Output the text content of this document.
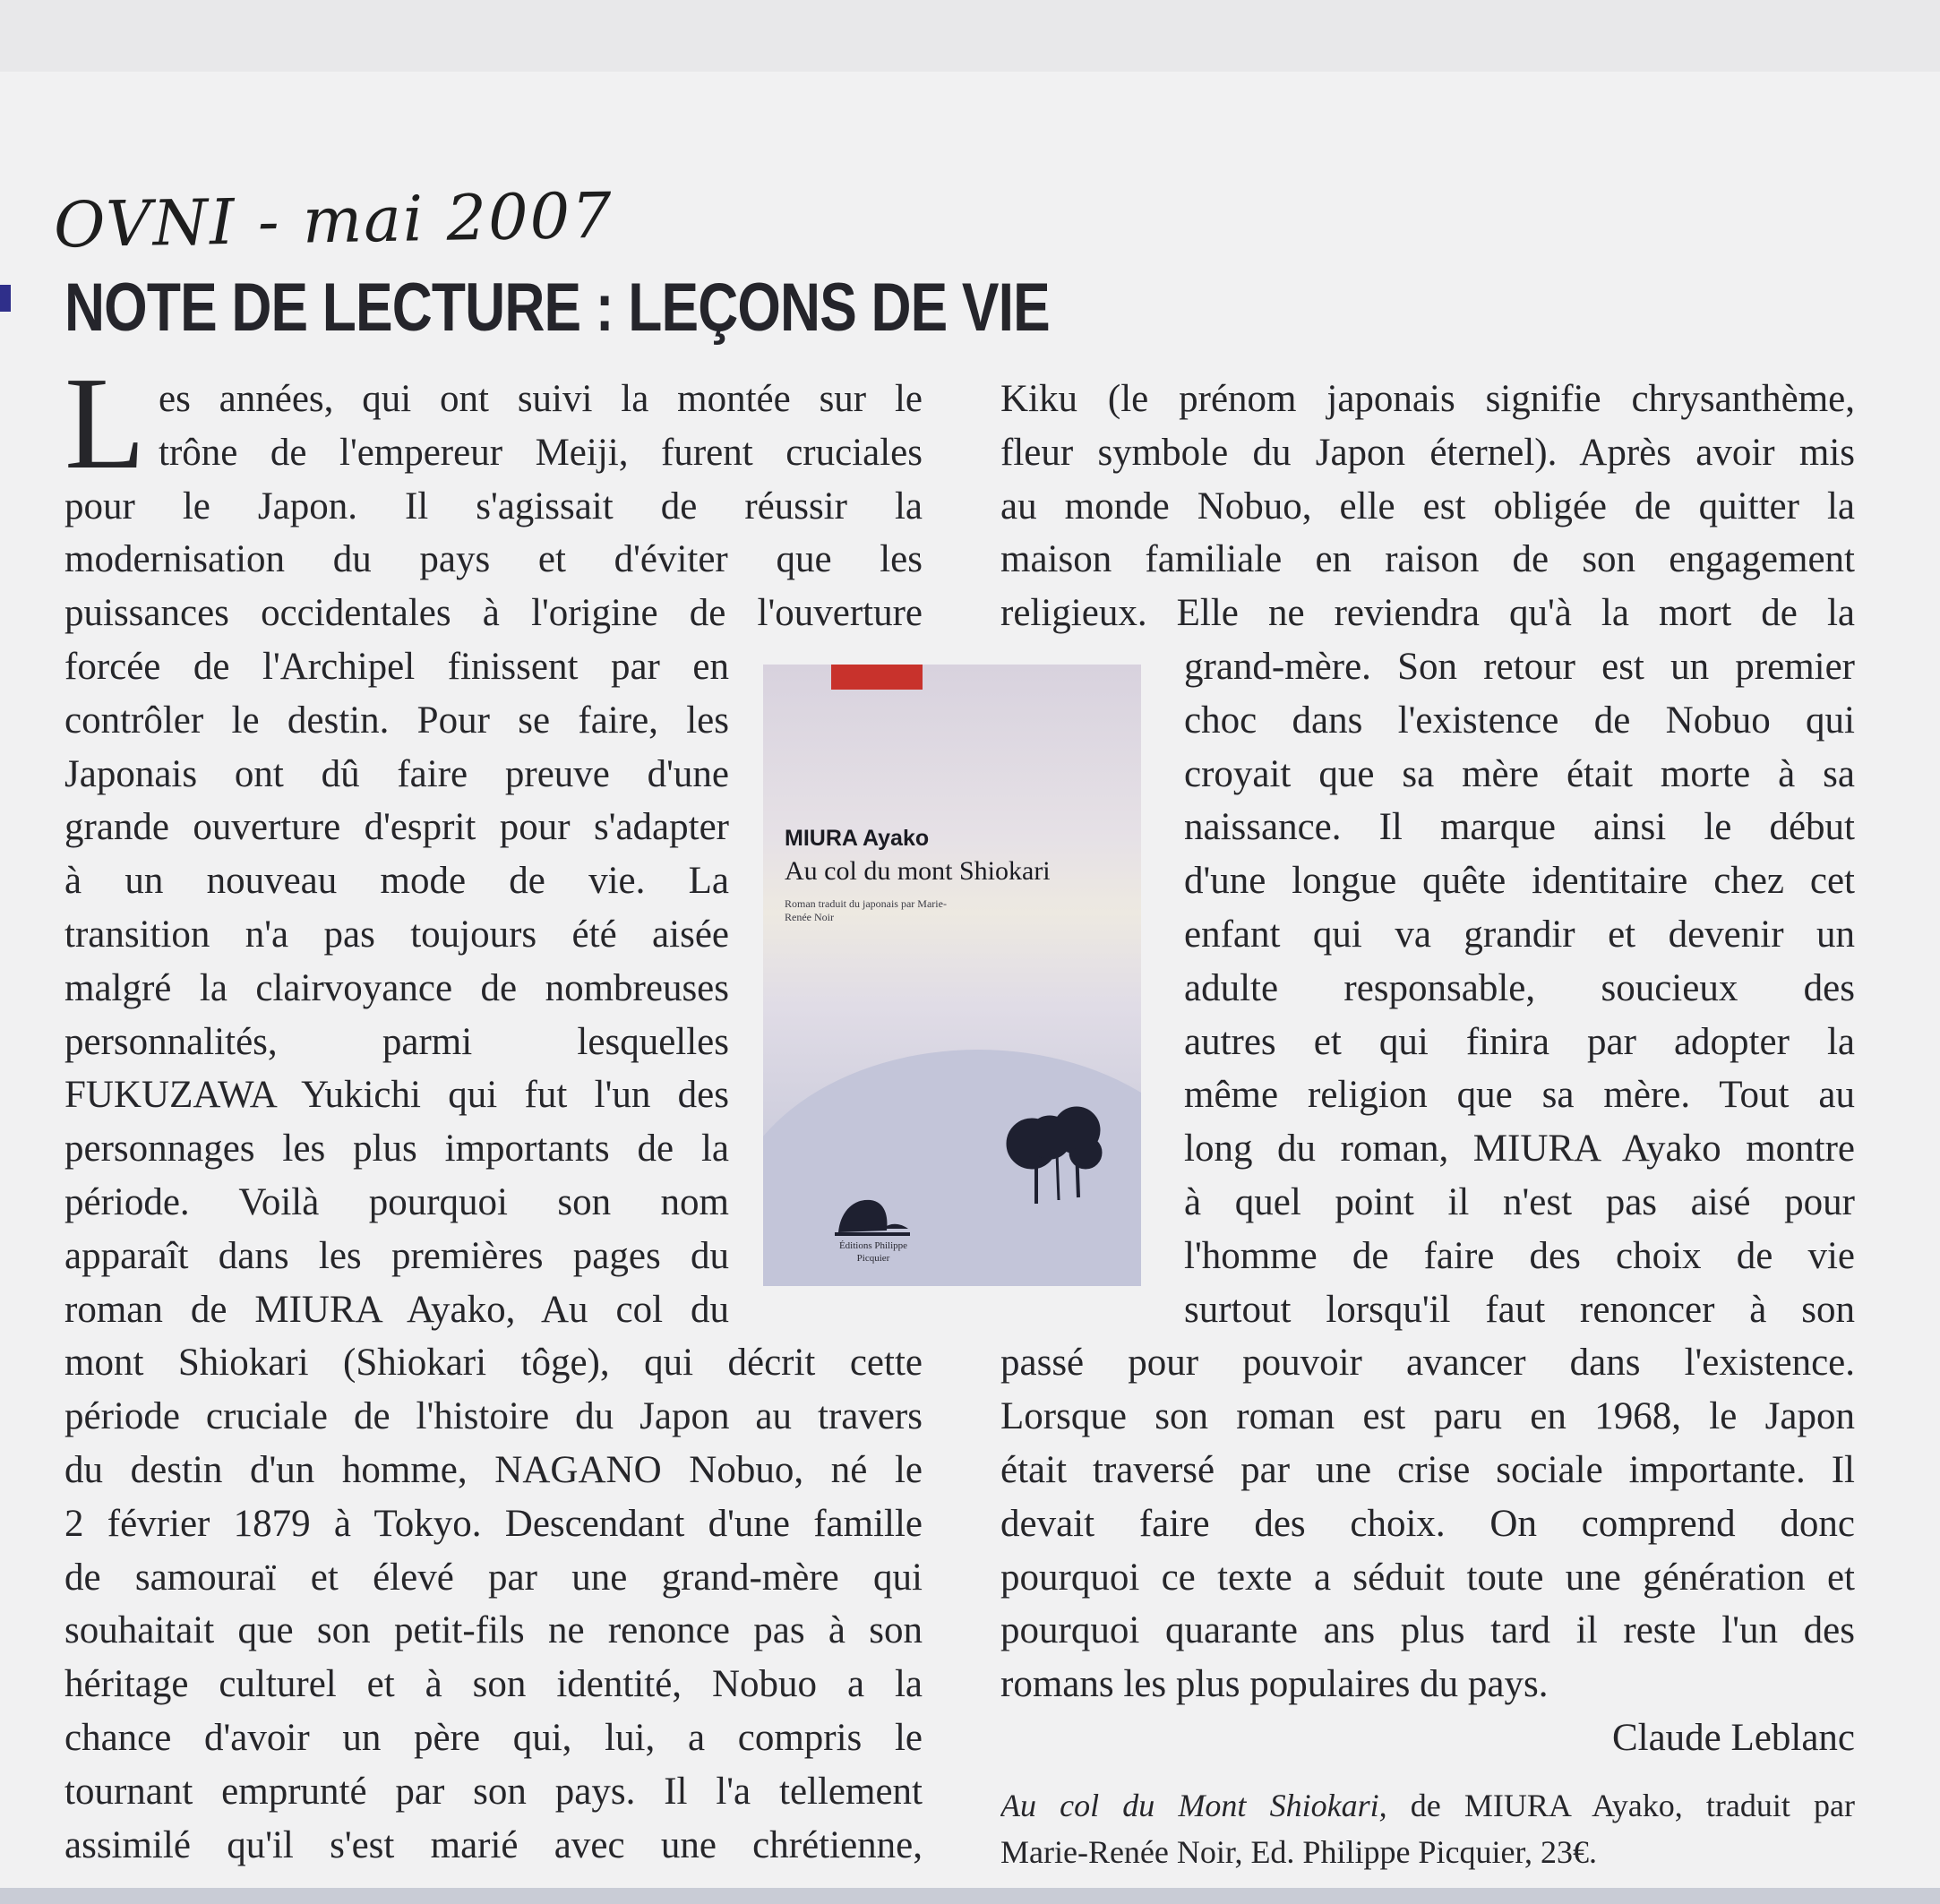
OVNI - mai 2007
NOTE DE LECTURE : LEÇONS DE VIE
L es années, qui ont suivi la montée sur le
trône de l'empereur Meiji, furent cruciales
pour le Japon. Il s'agissait de réussir la
modernisation du pays et d'éviter que les
puissances occidentales à l'origine de l'ouverture
forcée de l'Archipel finissent par en
contrôler le destin. Pour se faire, les
Japonais ont dû faire preuve d'une
grande ouverture d'esprit pour s'adapter
à un nouveau mode de vie. La
transition n'a pas toujours été aisée
malgré la clairvoyance de nombreuses
personnalités, parmi lesquelles
FUKUZAWA Yukichi qui fut l'un des
personnages les plus importants de la
période. Voilà pourquoi son nom
apparaît dans les premières pages du
roman de MIURA Ayako, Au col du
mont Shiokari (Shiokari tôge), qui décrit cette
période cruciale de l'histoire du Japon au travers
du destin d'un homme, NAGANO Nobuo, né le
2 février 1879 à Tokyo. Descendant d'une famille
de samouraï et élevé par une grand-mère qui
souhaitait que son petit-fils ne renonce pas à son
héritage culturel et à son identité, Nobuo a la
chance d'avoir un père qui, lui, a compris le
tournant emprunté par son pays. Il l'a tellement
assimilé qu'il s'est marié avec une chrétienne,
MIURA Ayako
Au col du mont Shiokari
Roman traduit du japonais par Marie-Renée Noir
Éditions Philippe Picquier
Kiku (le prénom japonais signifie chrysanthème,
fleur symbole du Japon éternel). Après avoir mis
au monde Nobuo, elle est obligée de quitter la
maison familiale en raison de son engagement
religieux. Elle ne reviendra qu'à la mort de la
grand-mère. Son retour est un premier
choc dans l'existence de Nobuo qui
croyait que sa mère était morte à sa
naissance. Il marque ainsi le début
d'une longue quête identitaire chez cet
enfant qui va grandir et devenir un
adulte responsable, soucieux des
autres et qui finira par adopter la
même religion que sa mère. Tout au
long du roman, MIURA Ayako montre
à quel point il n'est pas aisé pour
l'homme de faire des choix de vie
surtout lorsqu'il faut renoncer à son
passé pour pouvoir avancer dans l'existence.
Lorsque son roman est paru en 1968, le Japon
était traversé par une crise sociale importante. Il
devait faire des choix. On comprend donc
pourquoi ce texte a séduit toute une génération et
pourquoi quarante ans plus tard il reste l'un des
romans les plus populaires du pays.
Claude Leblanc
Au col du Mont Shiokari, de MIURA Ayako, traduit par
Marie-Renée Noir, Ed. Philippe Picquier, 23€.
